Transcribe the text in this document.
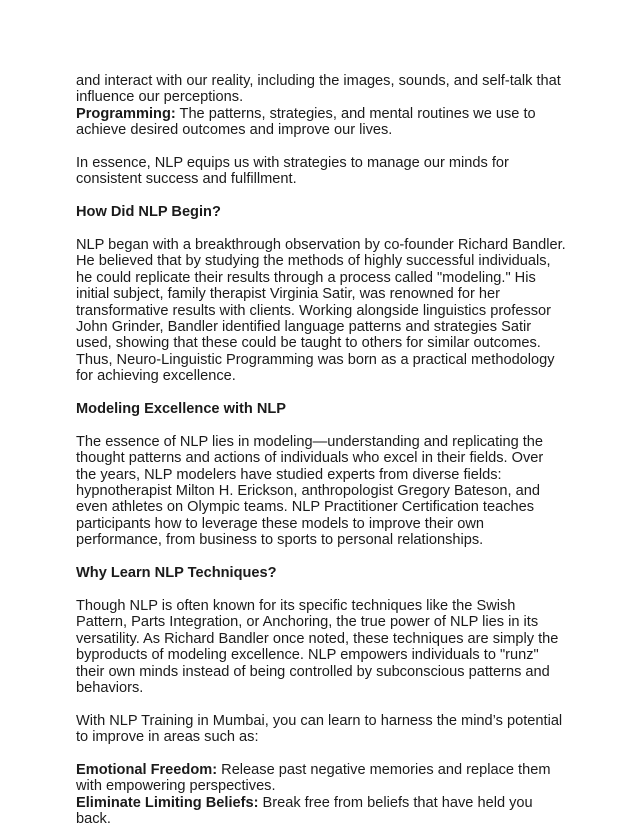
and interact with our reality, including the images, sounds, and self-talk that influence our perceptions.

Programming: The patterns, strategies, and mental routines we use to achieve desired outcomes and improve our lives.

In essence, NLP equips us with strategies to manage our minds for consistent success and fulfillment.

How Did NLP Begin?

NLP began with a breakthrough observation by co-founder Richard Bandler. He believed that by studying the methods of highly successful individuals, he could replicate their results through a process called "modeling." His initial subject, family therapist Virginia Satir, was renowned for her transformative results with clients. Working alongside linguistics professor John Grinder, Bandler identified language patterns and strategies Satir used, showing that these could be taught to others for similar outcomes. Thus, Neuro-Linguistic Programming was born as a practical methodology for achieving excellence.

Modeling Excellence with NLP

The essence of NLP lies in modeling—understanding and replicating the thought patterns and actions of individuals who excel in their fields. Over the years, NLP modelers have studied experts from diverse fields: hypnotherapist Milton H. Erickson, anthropologist Gregory Bateson, and even athletes on Olympic teams. NLP Practitioner Certification teaches participants how to leverage these models to improve their own performance, from business to sports to personal relationships.

Why Learn NLP Techniques?

Though NLP is often known for its specific techniques like the Swish Pattern, Parts Integration, or Anchoring, the true power of NLP lies in its versatility. As Richard Bandler once noted, these techniques are simply the byproducts of modeling excellence. NLP empowers individuals to "runz" their own minds instead of being controlled by subconscious patterns and behaviors.

With NLP Training in Mumbai, you can learn to harness the mind’s potential to improve in areas such as:

Emotional Freedom: Release past negative memories and replace them with empowering perspectives.

Eliminate Limiting Beliefs: Break free from beliefs that have held you back.
